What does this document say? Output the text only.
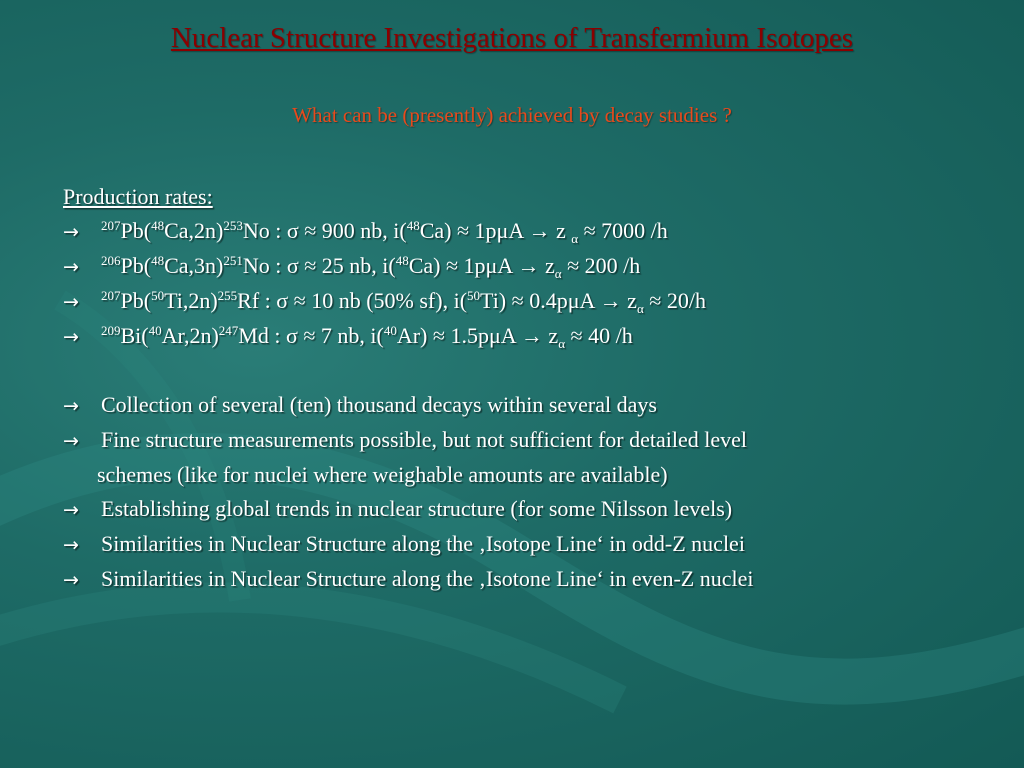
Nuclear Structure Investigations of Transfermium Isotopes
What can be (presently) achieved by decay studies ?
Production rates:
→ $^{207}Pb(^{48}Ca,2n)^{253}No$ : σ ≈ 900 nb, i($^{48}$Ca) ≈ 1pμA → z $_\alpha$ ≈ 7000 /h
→ $^{206}Pb(^{48}Ca,3n)^{251}No$ : σ ≈ 25 nb, $i(^{48}Ca) \approx 1p\mu A \to z_\alpha \approx 200$ /h
→ $^{207}Pb(^{50}Ti,2n)^{255}Rf$ : σ ≈ 10 nb (50% sf), $i(^{50}Ti) \approx 0.4p\mu A \to z_\alpha \approx 20/h$
→ $^{209}Bi(^{40}Ar,2n)^{247}Md$ : σ ≈ 7 nb, $i(^{40}Ar) \approx 1.5p\mu A \to z_\alpha \approx 40$ /h
→ Collection of several (ten) thousand decays within several days
→ Fine structure measurements possible, but not sufficient for detailed level
schemes (like for nuclei where weighable amounts are available)
→ Establishing global trends in nuclear structure (for some Nilsson levels)
→ Similarities in Nuclear Structure along the ‚Isotope Line‘ in odd-Z nuclei
→ Similarities in Nuclear Structure along the ‚Isotone Line‘ in even-Z nuclei
